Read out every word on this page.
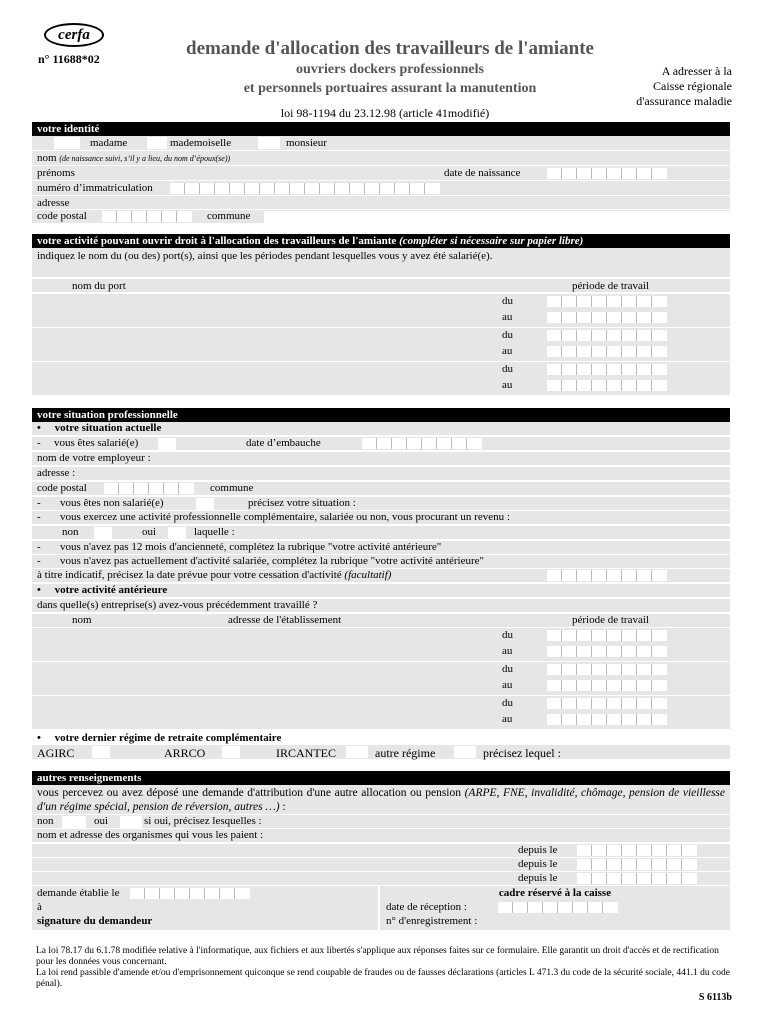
cerfa
n° 11688*02	demande d'allocation des travailleurs de l'amiante
ouvriers dockers professionnels
et personnels portuaires assurant la manutention
A adresser à la
Caisse régionale
d'assurance maladie
loi 98-1194 du 23.12.98 (article 41modifié)
votre identité
madame	mademoiselle	monsieur
nom (de naissance suivi, s’il y a lieu, du nom d’époux(se))
prénoms	date de naissance
numéro d’immatriculation
adresse
code postal	commune
votre activité pouvant ouvrir droit à l'allocation des travailleurs de l'amiante (compléter si nécessaire sur papier libre)
indiquez le nom du (ou des) port(s), ainsi que les périodes pendant lesquelles vous y avez été salarié(e).
nom du port	période de travail
du
au
du
au
du
au
votre situation professionnelle
•     votre situation actuelle
- vous êtes salarié(e)	date d’embauche
nom de votre employeur :
adresse :
code postal	commune
- vous êtes non salarié(e)	précisez votre situation :
- vous exercez une activité professionnelle complémentaire, salariée ou non, vous procurant un revenu :
non	oui	laquelle :
- vous n'avez pas 12 mois d'ancienneté, complétez la rubrique "votre activité antérieure"
- vous n'avez pas actuellement d'activité salariée, complétez la rubrique "votre activité antérieure"
à titre indicatif, précisez la date prévue pour votre cessation d'activité (facultatif)
•     votre activité antérieure
dans quelle(s) entreprise(s) avez-vous précédemment travaillé ?
nom	adresse de l'établissement	période de travail
du
au
du
au
du
au
•     votre dernier régime de retraite complémentaire
AGIRC	ARRCO	IRCANTEC	autre régime	précisez lequel :
autres renseignements
vous percevez ou avez déposé une demande d'attribution d'une autre allocation ou pension (ARPE, FNE, invalidité, chômage, pension de vieillesse d'un régime spécial, pension de réversion, autres …) :
non	oui	si oui, précisez lesquelles :
nom et adresse des organismes qui vous les paient :
depuis le
depuis le
depuis le
demande établie le
à
signature du demandeur
cadre réservé à la caisse
date de réception :
n° d'enregistrement :
La loi 78.17 du 6.1.78 modifiée relative à l'informatique, aux fichiers et aux libertés s'applique aux réponses faites sur ce formulaire. Elle garantit un droit d'accès et de rectification pour les données vous concernant.
La loi rend passible d'amende et/ou d'emprisonnement quiconque se rend coupable de fraudes ou de fausses déclarations (articles L 471.3 du code de la sécurité sociale, 441.1 du code pénal).
S 6113b
